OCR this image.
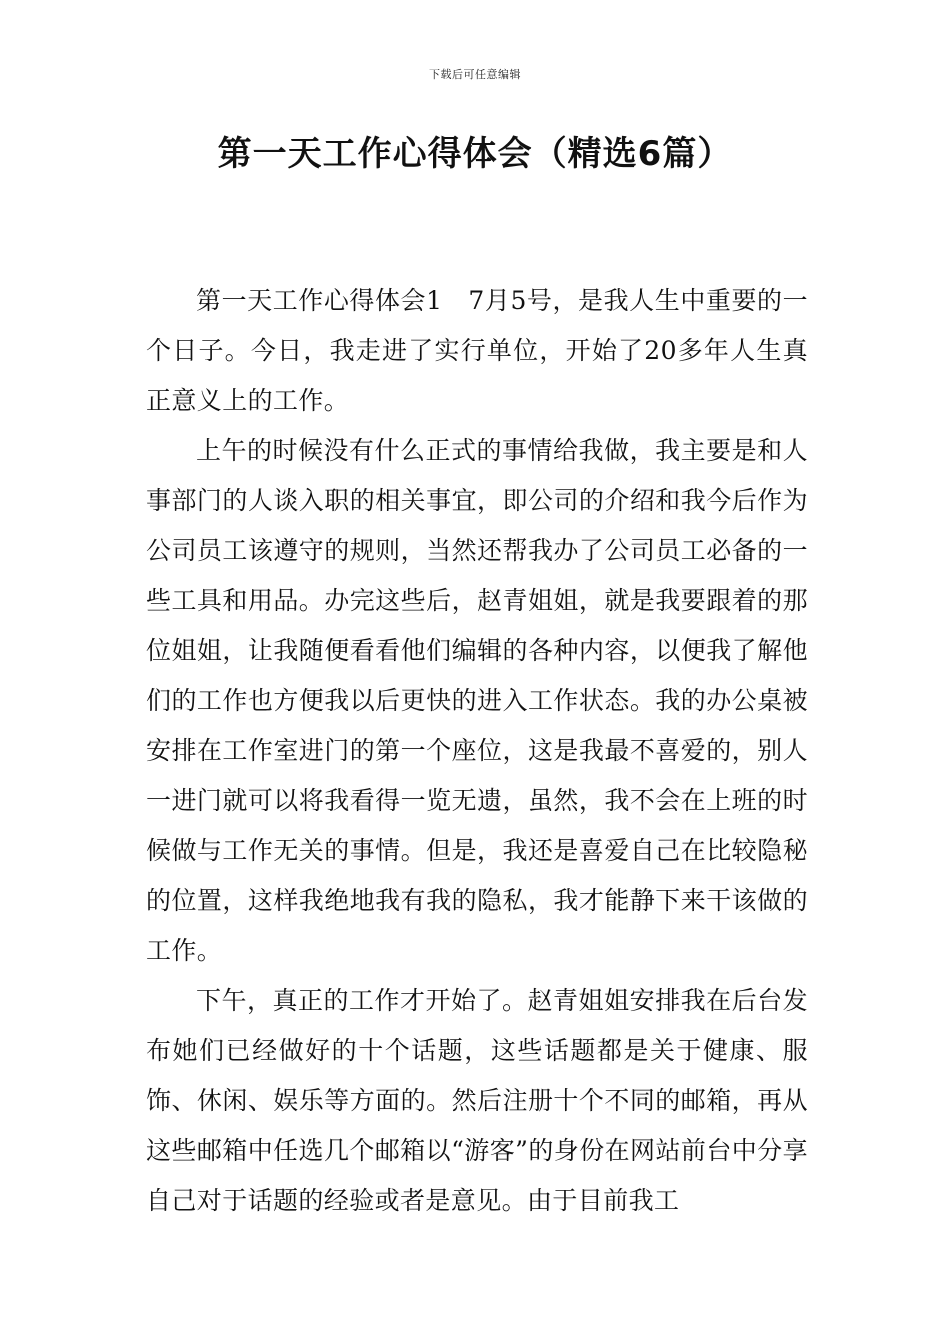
下载后可任意编辑
第一天工作心得体会（精选6篇）

第一天工作心得体会1 7月5号，是我人生中重要的一个日子。今日，我走进了实行单位，开始了20多年人生真正意义上的工作。

上午的时候没有什么正式的事情给我做，我主要是和人事部门的人谈入职的相关事宜，即公司的介绍和我今后作为公司员工该遵守的规则，当然还帮我办了公司员工必备的一些工具和用品。办完这些后，赵青姐姐，就是我要跟着的那位姐姐，让我随便看看他们编辑的各种内容，以便我了解他们的工作也方便我以后更快的进入工作状态。我的办公桌被安排在工作室进门的第一个座位，这是我最不喜爱的，别人一进门就可以将我看得一览无遗，虽然，我不会在上班的时候做与工作无关的事情。但是，我还是喜爱自己在比较隐秘的位置，这样我绝地我有我的隐私，我才能静下来干该做的工作。

下午，真正的工作才开始了。赵青姐姐安排我在后台发布她们已经做好的十个话题，这些话题都是关于健康、服饰、休闲、娱乐等方面的。然后注册十个不同的邮箱，再从这些邮箱中任选几个邮箱以“游客”的身份在网站前台中分享自己对于话题的经验或者是意见。由于目前我工
